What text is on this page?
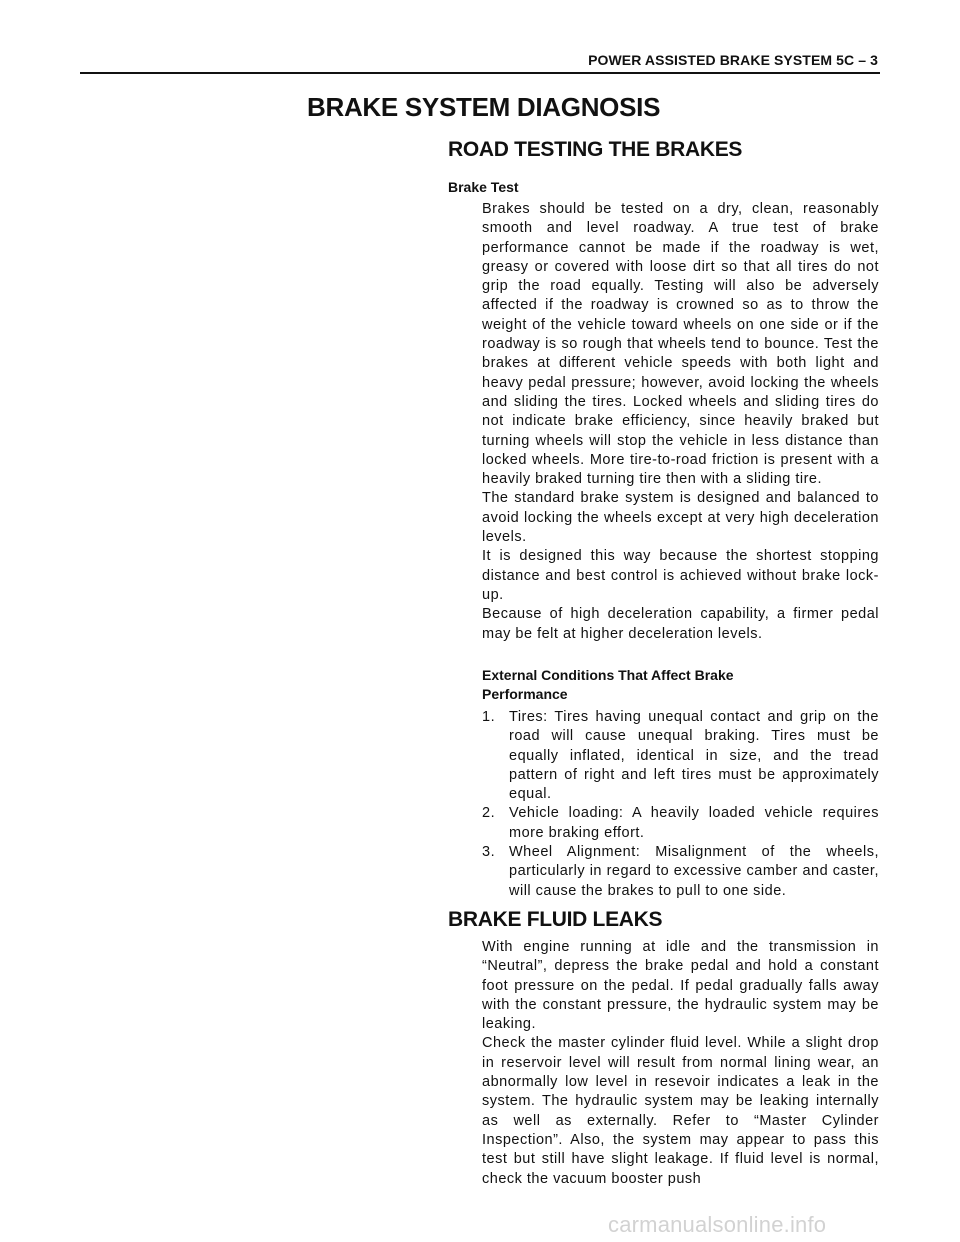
POWER ASSISTED BRAKE SYSTEM 5C – 3
BRAKE SYSTEM DIAGNOSIS
ROAD TESTING THE BRAKES
Brake Test

Brakes should be tested on a dry, clean, reasonably smooth and level roadway. A true test of brake performance cannot be made if the roadway is wet, greasy or covered with loose dirt so that all tires do not grip the road equally. Testing will also be adversely affected if the roadway is crowned so as to throw the weight of the vehicle toward wheels on one side or if the roadway is so rough that wheels tend to bounce. Test the brakes at different vehicle speeds with both light and heavy pedal pressure; however, avoid locking the wheels and sliding the tires. Locked wheels and sliding tires do not indicate brake efficiency, since heavily braked but turning wheels will stop the vehicle in less distance than locked wheels. More tire-to-road friction is present with a heavily braked turning tire then with a sliding tire.

The standard brake system is designed and balanced to avoid locking the wheels except at very high deceleration levels.

It is designed this way because the shortest stopping distance and best control is achieved without brake lock-up.

Because of high deceleration capability, a firmer pedal may be felt at higher deceleration levels.

External Conditions That Affect Brake
Performance
1. Tires: Tires having unequal contact and grip on the road will cause unequal braking. Tires must be equally inflated, identical in size, and the tread pattern of right and left tires must be approximately equal.
2. Vehicle loading: A heavily loaded vehicle requires more braking effort.
3. Wheel Alignment: Misalignment of the wheels, particularly in regard to excessive camber and caster, will cause the brakes to pull to one side.
BRAKE FLUID LEAKS

With engine running at idle and the transmission in “Neutral”, depress the brake pedal and hold a constant foot pressure on the pedal. If pedal gradually falls away with the constant pressure, the hydraulic system may be leaking.

Check the master cylinder fluid level. While a slight drop in reservoir level will result from normal lining wear, an abnormally low level in resevoir indicates a leak in the system. The hydraulic system may be leaking internally as well as externally. Refer to “Master Cylinder Inspection”. Also, the system may appear to pass this test but still have slight leakage. If fluid level is normal, check the vacuum booster push

carmanualsonline.info
